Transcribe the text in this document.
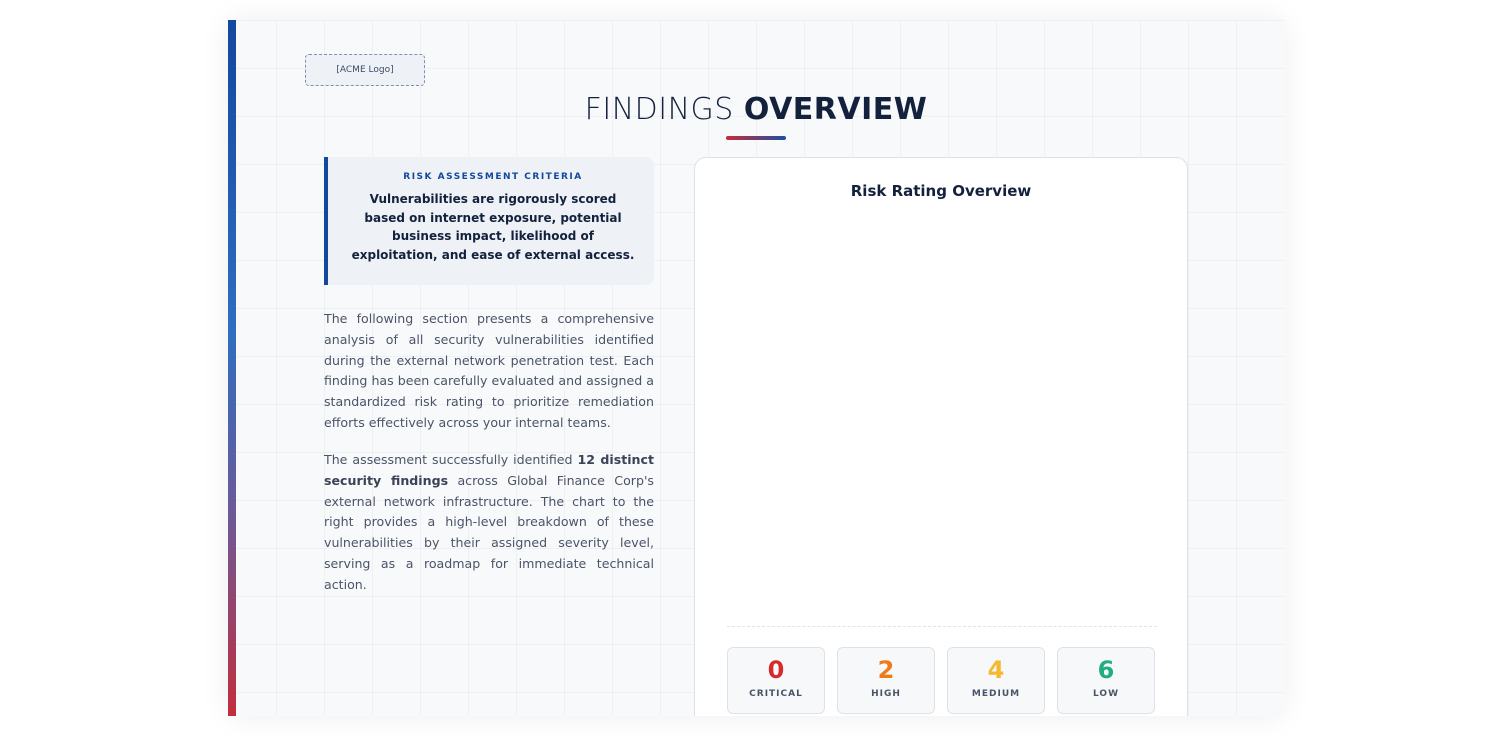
[ACME Logo]
FINDINGS OVERVIEW
RISK ASSESSMENT CRITERIA
Vulnerabilities are rigorously scored based on internet exposure, potential business impact, likelihood of exploitation, and ease of external access.

The following section presents a comprehensive analysis of all security vulnerabilities identified during the external network penetration test. Each finding has been carefully evaluated and assigned a standardized risk rating to prioritize remediation efforts effectively across your internal teams.

The assessment successfully identified 12 distinct security findings across Global Finance Corp's external network infrastructure. The chart to the right provides a high-level breakdown of these vulnerabilities by their assigned severity level, serving as a roadmap for immediate technical action.

Risk Rating Overview
0
CRITICAL
2
HIGH
4
MEDIUM
6
LOW
